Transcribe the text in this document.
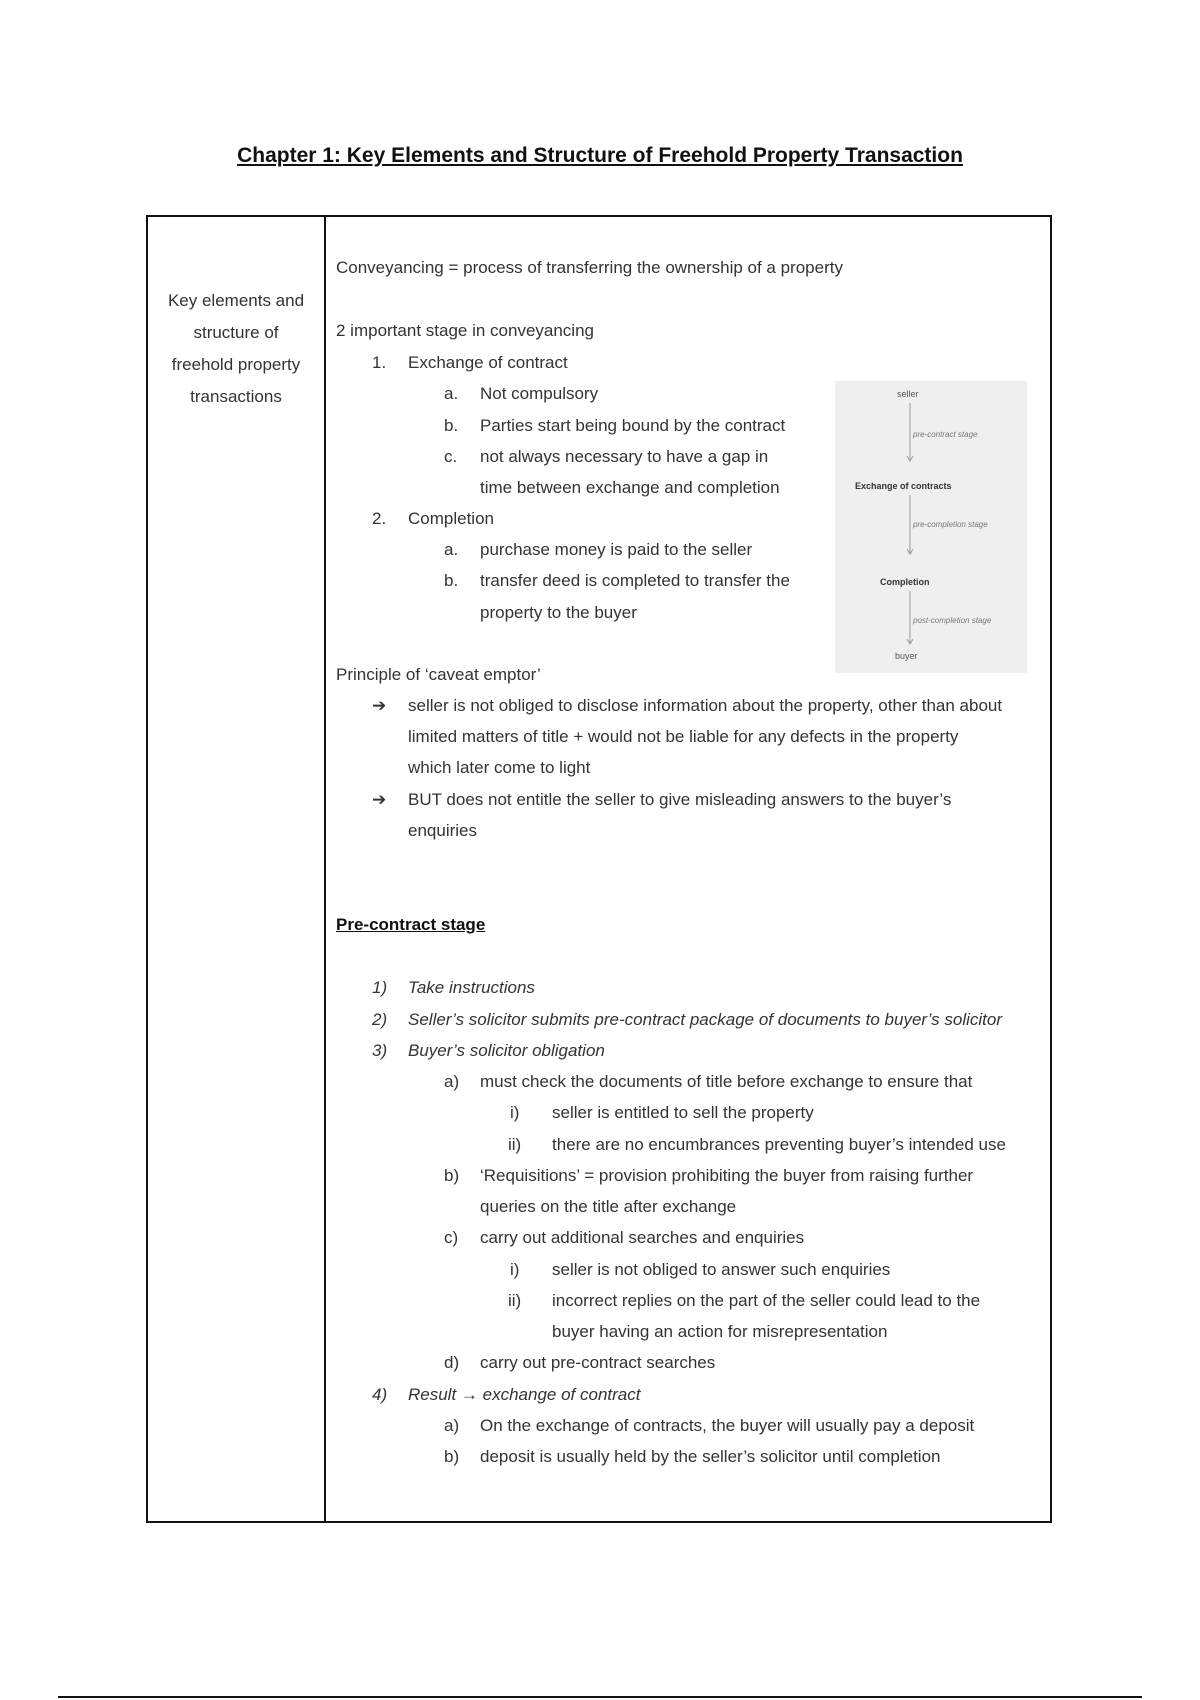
Chapter 1: Key Elements and Structure of Freehold Property Transaction
Key elements and
structure of
freehold property
transactions
Conveyancing = process of transferring the ownership of a property
2 important stage in conveyancing
1. Exchange of contract
a. Not compulsory
b. Parties start being bound by the contract
c. not always necessary to have a gap in
time between exchange and completion
2. Completion
a. purchase money is paid to the seller
b. transfer deed is completed to transfer the
property to the buyer
Principle of ‘caveat emptor’
➔ seller is not obliged to disclose information about the property, other than about
limited matters of title + would not be liable for any defects in the property
which later come to light
➔ BUT does not entitle the seller to give misleading answers to the buyer’s
enquiries
Pre-contract stage
1) Take instructions
2) Seller’s solicitor submits pre-contract package of documents to buyer’s solicitor
3) Buyer’s solicitor obligation
a) must check the documents of title before exchange to ensure that
i) seller is entitled to sell the property
ii) there are no encumbrances preventing buyer’s intended use
b) ‘Requisitions’ = provision prohibiting the buyer from raising further
queries on the title after exchange
c) carry out additional searches and enquiries
i) seller is not obliged to answer such enquiries
ii) incorrect replies on the part of the seller could lead to the
buyer having an action for misrepresentation
d) carry out pre-contract searches
4) Result → exchange of contract
a) On the exchange of contracts, the buyer will usually pay a deposit
b) deposit is usually held by the seller’s solicitor until completion
seller
pre-contract stage
Exchange of contracts
pre-completion stage
Completion
post-completion stage
buyer
